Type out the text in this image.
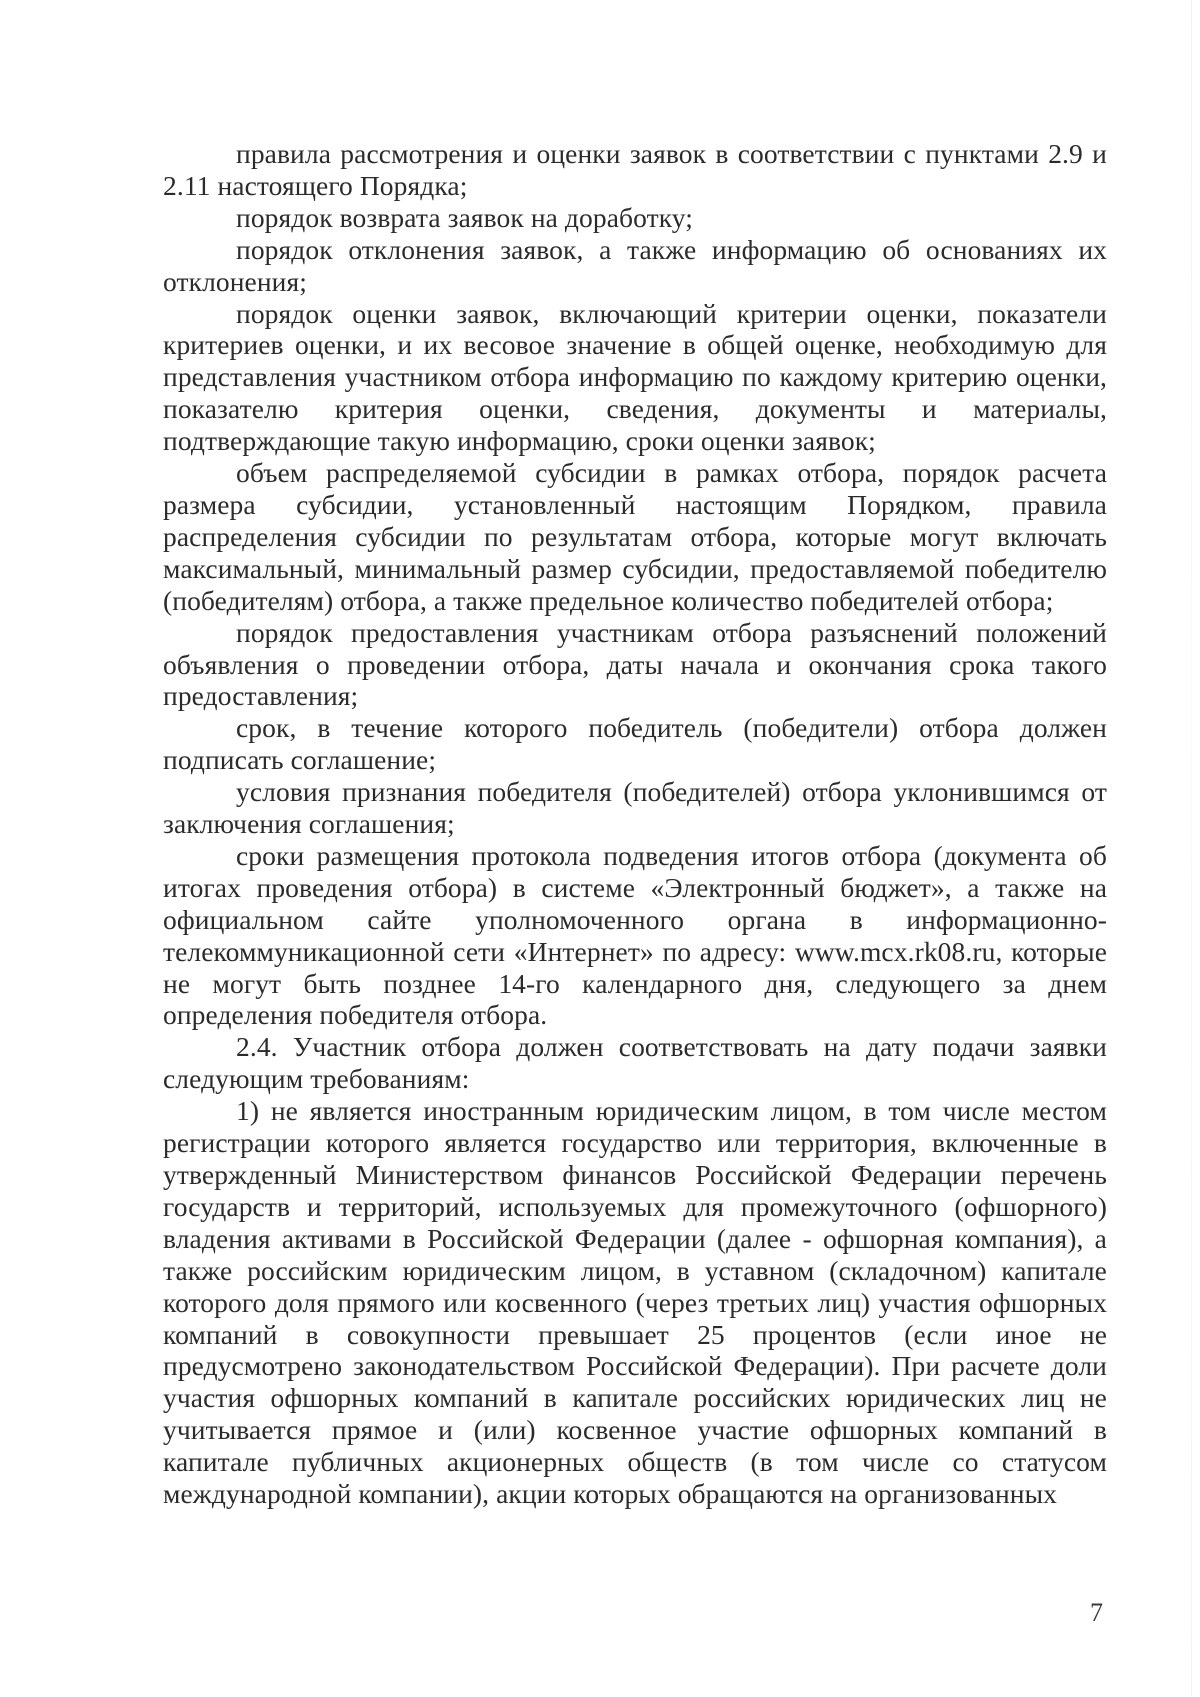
правила рассмотрения и оценки заявок в соответствии с пунктами 2.9 и 2.11 настоящего Порядка;

порядок возврата заявок на доработку;

порядок отклонения заявок, а также информацию об основаниях их отклонения;

порядок оценки заявок, включающий критерии оценки, показатели критериев оценки, и их весовое значение в общей оценке, необходимую для представления участником отбора информацию по каждому критерию оценки, показателю критерия оценки, сведения, документы и материалы, подтверждающие такую информацию, сроки оценки заявок;

объем распределяемой субсидии в рамках отбора, порядок расчета размера субсидии, установленный настоящим Порядком, правила распределения субсидии по результатам отбора, которые могут включать максимальный, минимальный размер субсидии, предоставляемой победителю (победителям) отбора, а также предельное количество победителей отбора;

порядок предоставления участникам отбора разъяснений положений объявления о проведении отбора, даты начала и окончания срока такого предоставления;

срок, в течение которого победитель (победители) отбора должен подписать соглашение;

условия признания победителя (победителей) отбора уклонившимся от заключения соглашения;

сроки размещения протокола подведения итогов отбора (документа об итогах проведения отбора) в системе «Электронный бюджет», а также на официальном сайте уполномоченного органа в информационно-телекоммуникационной сети «Интернет» по адресу: www.mcx.rk08.ru, которые не могут быть позднее 14-го календарного дня, следующего за днем определения победителя отбора.

2.4. Участник отбора должен соответствовать на дату подачи заявки следующим требованиям:

1) не является иностранным юридическим лицом, в том числе местом регистрации которого является государство или территория, включенные в утвержденный Министерством финансов Российской Федерации перечень государств и территорий, используемых для промежуточного (офшорного) владения активами в Российской Федерации (далее - офшорная компания), а также российским юридическим лицом, в уставном (складочном) капитале которого доля прямого или косвенного (через третьих лиц) участия офшорных компаний в совокупности превышает 25 процентов (если иное не предусмотрено законодательством Российской Федерации). При расчете доли участия офшорных компаний в капитале российских юридических лиц не учитывается прямое и (или) косвенное участие офшорных компаний в капитале публичных акционерных обществ (в том числе со статусом международной компании), акции которых обращаются на организованных

7
